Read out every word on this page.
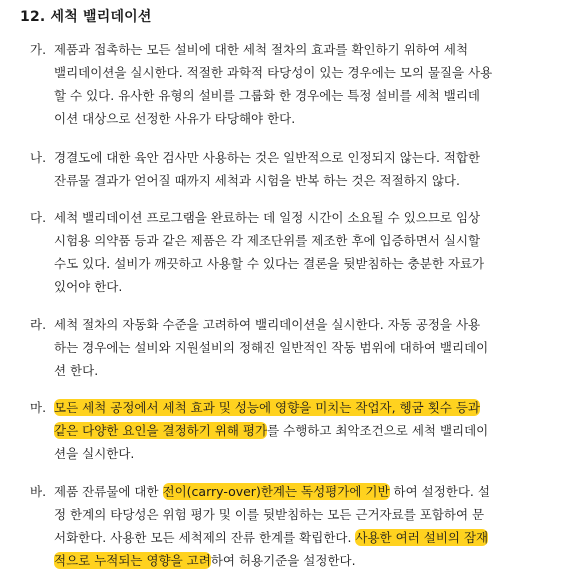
12. 세척 밸리데이션
가. 제품과 접촉하는 모든 설비에 대한 세척 절차의 효과를 확인하기 위하여 세척
밸리데이션을 실시한다. 적절한 과학적 타당성이 있는 경우에는 모의 물질을 사용
할 수 있다. 유사한 유형의 설비를 그룹화 한 경우에는 특정 설비를 세척 밸리데
이션 대상으로 선정한 사유가 타당해야 한다.
나. 경결도에 대한 육안 검사만 사용하는 것은 일반적으로 인정되지 않는다. 적합한
잔류물 결과가 얻어질 때까지 세척과 시험을 반복 하는 것은 적절하지 않다.
다. 세척 밸리데이션 프로그램을 완료하는 데 일정 시간이 소요될 수 있으므로 임상
시험용 의약품 등과 같은 제품은 각 제조단위를 제조한 후에 입증하면서 실시할
수도 있다. 설비가 깨끗하고 사용할 수 있다는 결론을 뒷받침하는 충분한 자료가
있어야 한다.
라. 세척 절차의 자동화 수준을 고려하여 밸리데이션을 실시한다. 자동 공정을 사용
하는 경우에는 설비와 지원설비의 정해진 일반적인 작동 범위에 대하여 밸리데이
션 한다.
마. 모든 세척 공정에서 세척 효과 및 성능에 영향을 미치는 작업자, 헹굼 횟수 등과
같은 다양한 요인을 결정하기 위해 평가를 수행하고 최악조건으로 세척 밸리데이
션을 실시한다.
바. 제품 잔류물에 대한 전이(carry-over)한계는 독성평가에 기반 하여 설정한다. 설
정 한계의 타당성은 위험 평가 및 이를 뒷받침하는 모든 근거자료를 포함하여 문
서화한다. 사용한 모든 세척제의 잔류 한계를 확립한다. 사용한 여러 설비의 잠재
적으로 누적되는 영향을 고려하여 허용기준을 설정한다.
